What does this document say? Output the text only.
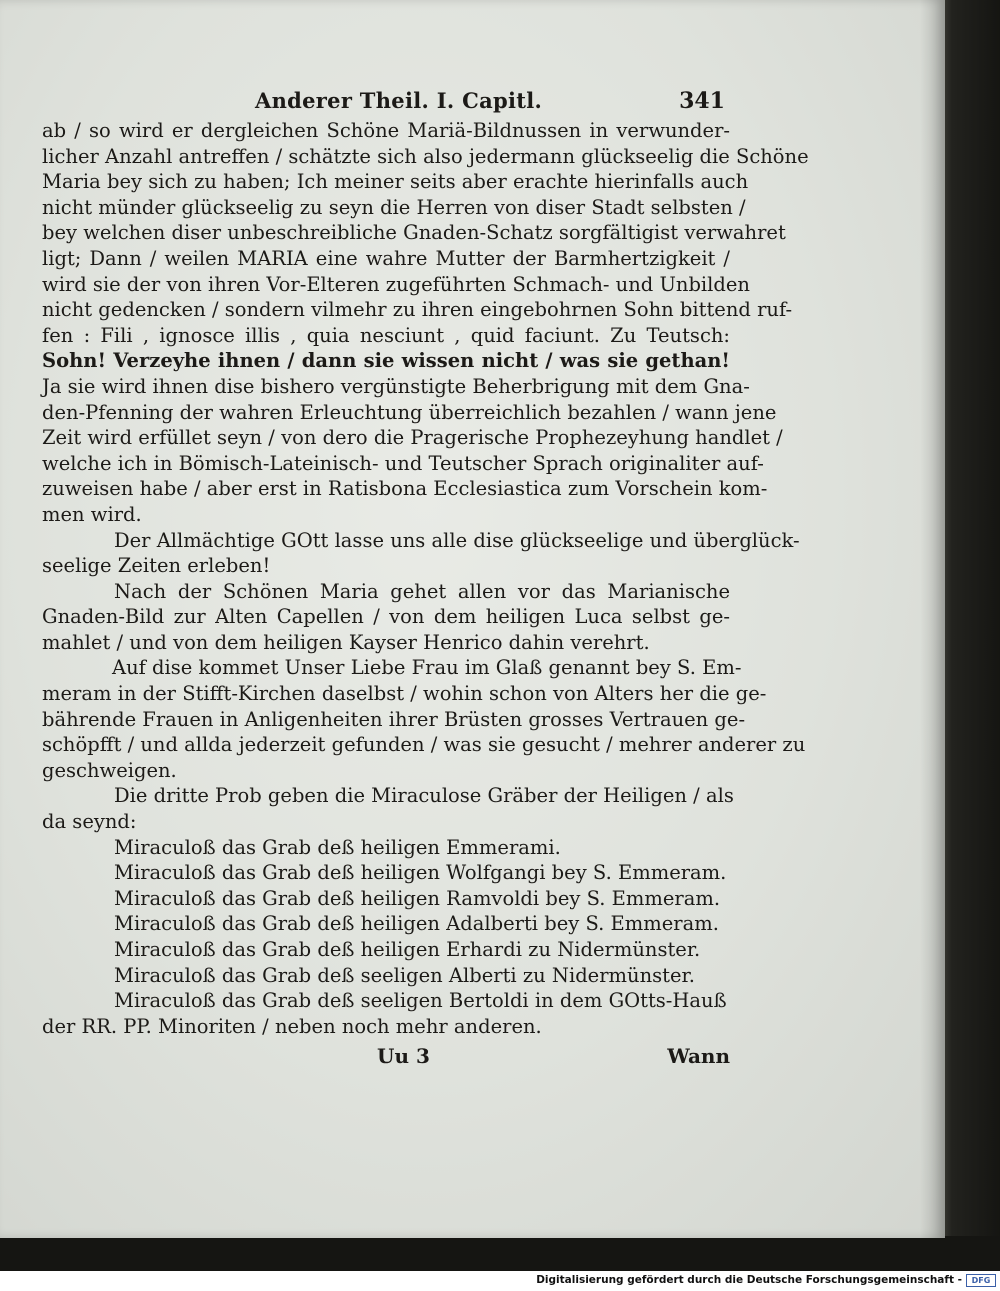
Anderer Theil. I. Capitl.	341
ab / so wird er dergleichen Schöne Mariä-Bildnussen in verwunder-
licher Anzahl antreffen / schätzte sich also jedermann glückseelig die Schöne
Maria bey sich zu haben; Ich meiner seits aber erachte hierinfalls auch
nicht münder glückseelig zu seyn die Herren von diser Stadt selbsten /
bey welchen diser unbeschreibliche Gnaden-Schatz sorgfältigist verwahret
ligt; Dann / weilen MARIA eine wahre Mutter der Barmhertzigkeit /
wird sie der von ihren Vor-Elteren zugeführten Schmach- und Unbilden
nicht gedencken / sondern vilmehr zu ihren eingebohrnen Sohn bittend ruf-
fen : Fili , ignosce illis , quia nesciunt , quid faciunt. Zu Teutsch:
Sohn! Verzeyhe ihnen / dann sie wissen nicht / was sie gethan!
Ja sie wird ihnen dise bishero vergünstigte Beherbrigung mit dem Gna-
den-Pfenning der wahren Erleuchtung überreichlich bezahlen / wann jene
Zeit wird erfüllet seyn / von dero die Pragerische Prophezeyhung handlet /
welche ich in Bömisch-Lateinisch- und Teutscher Sprach originaliter auf-
zuweisen habe / aber erst in Ratisbona Ecclesiastica zum Vorschein kom-
men wird.
Der Allmächtige GOtt lasse uns alle dise glückseelige und überglück-
seelige Zeiten erleben!
Nach der Schönen Maria gehet allen vor das Marianische
Gnaden-Bild zur Alten Capellen / von dem heiligen Luca selbst ge-
mahlet / und von dem heiligen Kayser Henrico dahin verehrt.
Auf dise kommet Unser Liebe Frau im Glaß genannt bey S. Em-
meram in der Stifft-Kirchen daselbst / wohin schon von Alters her die ge-
bährende Frauen in Anligenheiten ihrer Brüsten grosses Vertrauen ge-
schöpfft / und allda jederzeit gefunden / was sie gesucht / mehrer anderer zu
geschweigen.
Die dritte Prob geben die Miraculose Gräber der Heiligen / als
da seynd:
Miraculoß das Grab deß heiligen Emmerami.
Miraculoß das Grab deß heiligen Wolfgangi bey S. Emmeram.
Miraculoß das Grab deß heiligen Ramvoldi bey S. Emmeram.
Miraculoß das Grab deß heiligen Adalberti bey S. Emmeram.
Miraculoß das Grab deß heiligen Erhardi zu Nidermünster.
Miraculoß das Grab deß seeligen Alberti zu Nidermünster.
Miraculoß das Grab deß seeligen Bertoldi in dem GOtts-Hauß
der RR. PP. Minoriten / neben noch mehr anderen.
Uu 3	Wann
Digitalisierung gefördert durch die Deutsche Forschungsgemeinschaft -	DFG
